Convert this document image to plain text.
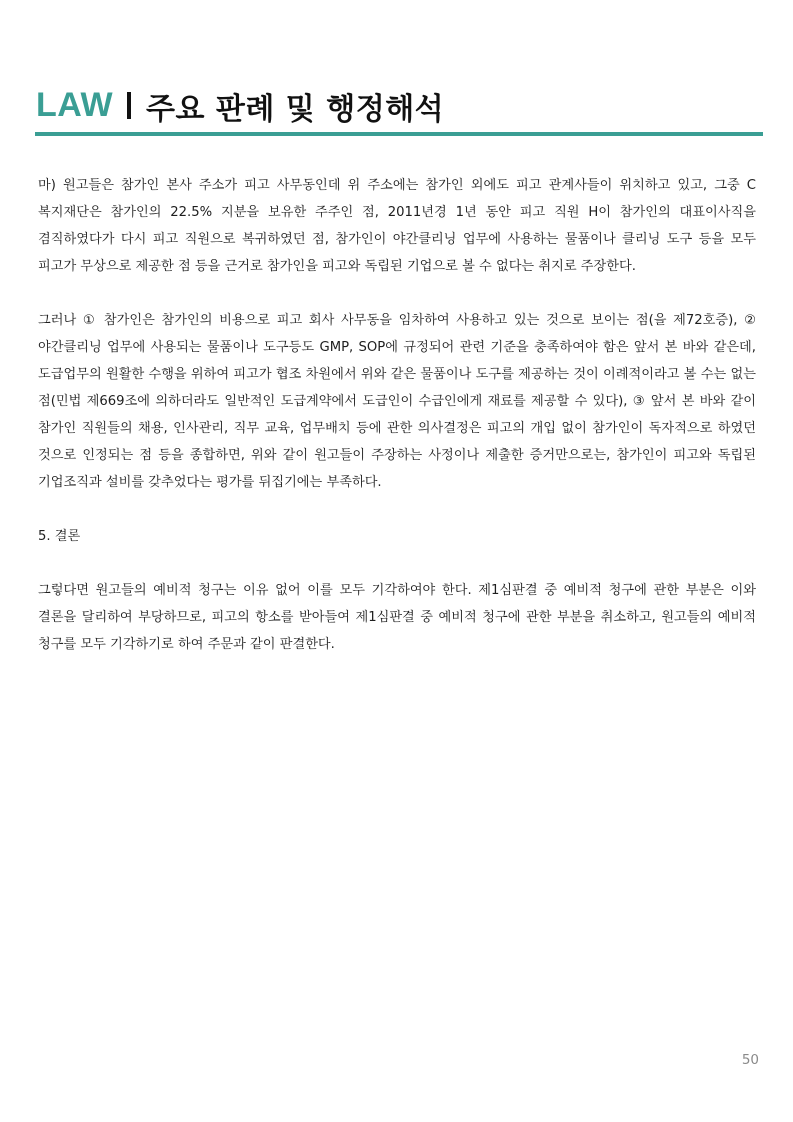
LAW 주요 판례 및 행정해석

마) 원고들은 참가인 본사 주소가 피고 사무동인데 위 주소에는 참가인 외에도 피고 관계사들이 위치하고 있고, 그중 C 복지재단은 참가인의 22.5% 지분을 보유한 주주인 점, 2011년경 1년 동안 피고 직원 H이 참가인의 대표이사직을 겸직하였다가 다시 피고 직원으로 복귀하였던 점, 참가인이 야간클리닝 업무에 사용하는 물품이나 클리닝 도구 등을 모두 피고가 무상으로 제공한 점 등을 근거로 참가인을 피고와 독립된 기업으로 볼 수 없다는 취지로 주장한다.

그러나 ① 참가인은 참가인의 비용으로 피고 회사 사무동을 임차하여 사용하고 있는 것으로 보이는 점(을 제72호증), ② 야간클리닝 업무에 사용되는 물품이나 도구등도 GMP, SOP에 규정되어 관련 기준을 충족하여야 함은 앞서 본 바와 같은데, 도급업무의 원활한 수행을 위하여 피고가 협조 차원에서 위와 같은 물품이나 도구를 제공하는 것이 이례적이라고 볼 수는 없는 점(민법 제669조에 의하더라도 일반적인 도급계약에서 도급인이 수급인에게 재료를 제공할 수 있다), ③ 앞서 본 바와 같이 참가인 직원들의 채용, 인사관리, 직무 교육, 업무배치 등에 관한 의사결정은 피고의 개입 없이 참가인이 독자적으로 하였던 것으로 인정되는 점 등을 종합하면, 위와 같이 원고들이 주장하는 사정이나 제출한 증거만으로는, 참가인이 피고와 독립된 기업조직과 설비를 갖추었다는 평가를 뒤집기에는 부족하다.

5. 결론

그렇다면 원고들의 예비적 청구는 이유 없어 이를 모두 기각하여야 한다. 제1심판결 중 예비적 청구에 관한 부분은 이와 결론을 달리하여 부당하므로, 피고의 항소를 받아들여 제1심판결 중 예비적 청구에 관한 부분을 취소하고, 원고들의 예비적 청구를 모두 기각하기로 하여 주문과 같이 판결한다.

50
